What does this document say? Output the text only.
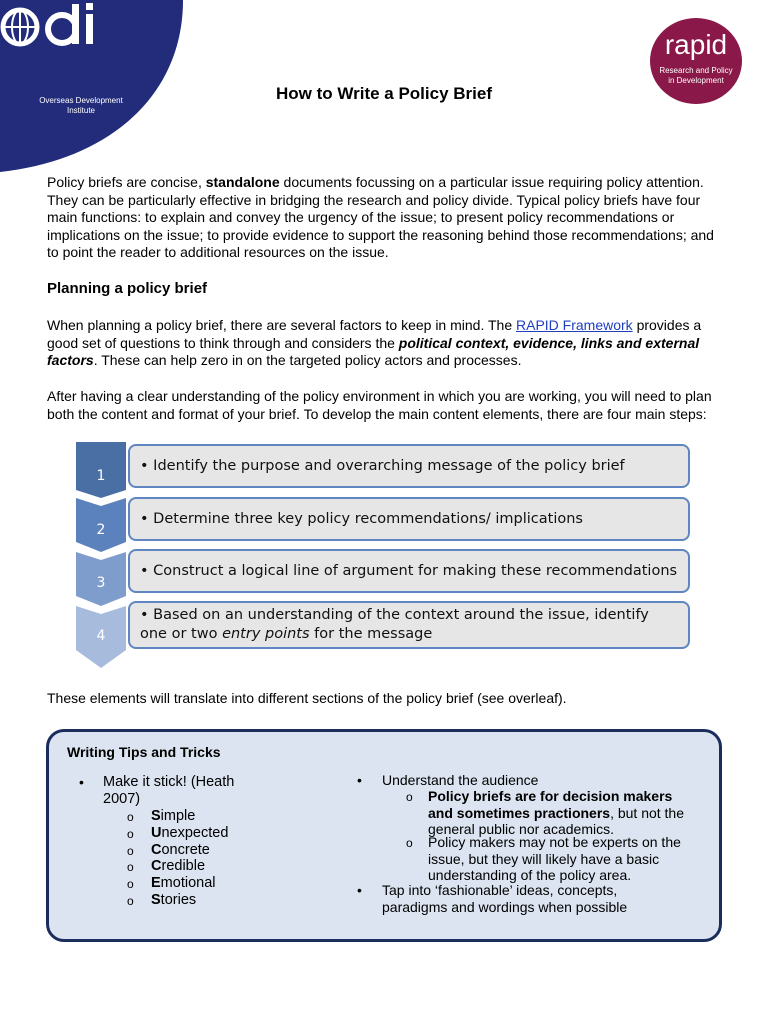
Overseas Development
Institute
rapid
Research and Policy
in Development
How to Write a Policy Brief

Policy briefs are concise, standalone documents focussing on a particular issue requiring policy attention. They can be particularly effective in bridging the research and policy divide. Typical policy briefs have four main functions: to explain and convey the urgency of the issue; to present policy recommendations or implications on the issue; to provide evidence to support the reasoning behind those recommendations; and to point the reader to additional resources on the issue.

Planning a policy brief

When planning a policy brief, there are several factors to keep in mind. The RAPID Framework provides a good set of questions to think through and considers the political context, evidence, links and external factors. These can help zero in on the targeted policy actors and processes.

After having a clear understanding of the policy environment in which you are working, you will need to plan both the content and format of your brief. To develop the main content elements, there are four main steps:

1
2
3
4
• Identify the purpose and overarching message of the policy brief
• Determine three key policy recommendations/ implications
• Construct a logical line of argument for making these recommendations
• Based on an understanding of the context around the issue, identify one or two entry points for the message

These elements will translate into different sections of the policy brief (see overleaf).

Writing Tips and Tricks
• Make it stick! (Heath 2007)
o Simple
o Unexpected
o Concrete
o Credible
o Emotional
o Stories
• Understand the audience
o Policy briefs are for decision makers and sometimes practioners, but not the general public nor academics.
o Policy makers may not be experts on the issue, but they will likely have a basic understanding of the policy area.
• Tap into ‘fashionable’ ideas, concepts, paradigms and wordings when possible
